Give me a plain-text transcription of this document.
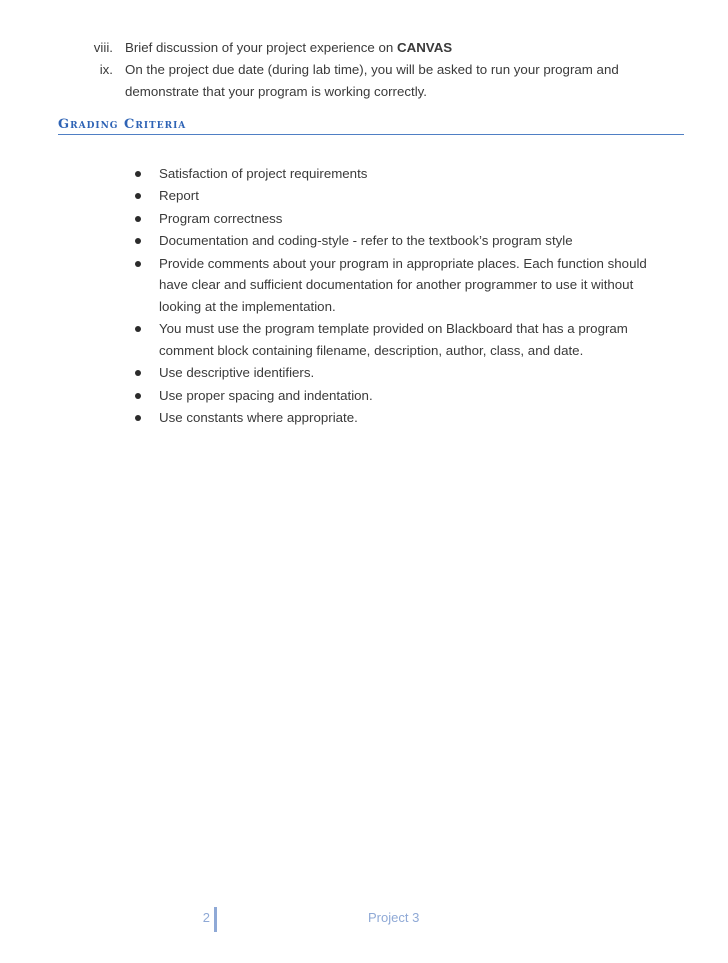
viii. Brief discussion of your project experience on CANVAS
ix. On the project due date (during lab time), you will be asked to run your program and demonstrate that your program is working correctly.
Grading Criteria
Satisfaction of project requirements
Report
Program correctness
Documentation and coding-style - refer to the textbook’s program style
Provide comments about your program in appropriate places. Each function should have clear and sufficient documentation for another programmer to use it without looking at the implementation.
You must use the program template provided on Blackboard that has a program comment block containing filename, description, author, class, and date.
Use descriptive identifiers.
Use proper spacing and indentation.
Use constants where appropriate.
2	Project 3
